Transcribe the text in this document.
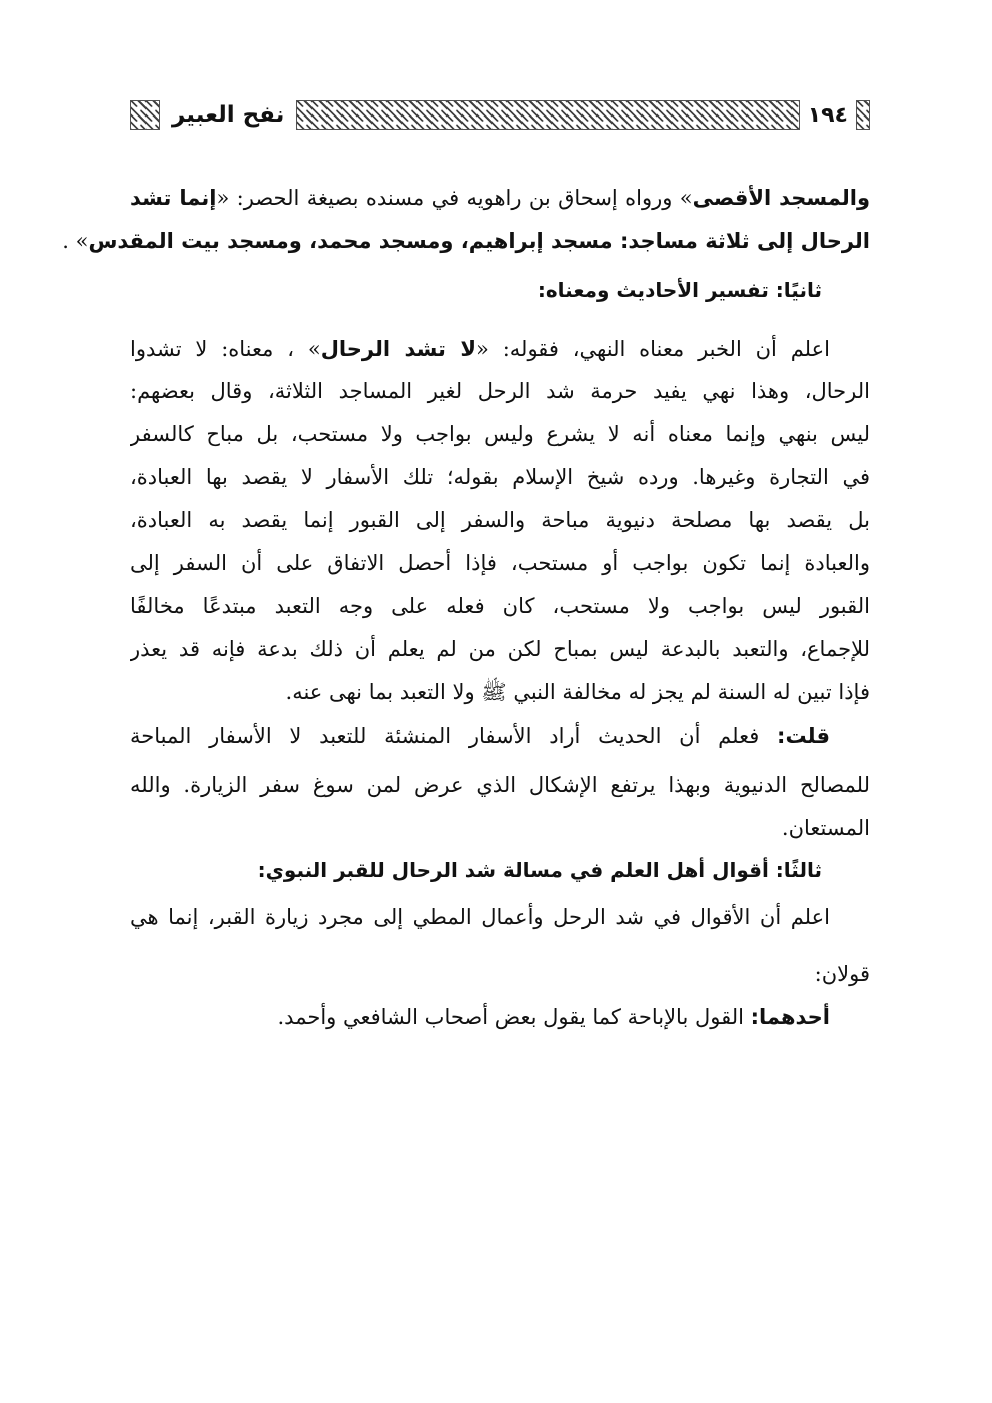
١٩٤
نفح العبير
والمسجد الأقصى» ورواه إسحاق بن راهويه في مسنده بصيغة الحصر: «إنما تشد
الرحال إلى ثلاثة مساجد: مسجد إبراهيم، ومسجد محمد، ومسجد بيت المقدس» .
ثانيًا: تفسير الأحاديث ومعناه:
اعلم أن الخبر معناه النهي، فقوله: «لا تشد الرحال» ، معناه: لا تشدوا
الرحال، وهذا نهي يفيد حرمة شد الرحل لغير المساجد الثلاثة، وقال بعضهم:
ليس بنهي وإنما معناه أنه لا يشرع وليس بواجب ولا مستحب، بل مباح كالسفر
في التجارة وغيرها. ورده شيخ الإسلام بقوله؛ تلك الأسفار لا يقصد بها العبادة،
بل يقصد بها مصلحة دنيوية مباحة والسفر إلى القبور إنما يقصد به العبادة،
والعبادة إنما تكون بواجب أو مستحب، فإذا أحصل الاتفاق على أن السفر إلى
القبور ليس بواجب ولا مستحب، كان فعله على وجه التعبد مبتدعًا مخالفًا
للإجماع، والتعبد بالبدعة ليس بمباح لكن من لم يعلم أن ذلك بدعة فإنه قد يعذر
فإذا تبين له السنة لم يجز له مخالفة النبي ﷺ ولا التعبد بما نهى عنه.
قلت: فعلم أن الحديث أراد الأسفار المنشئة للتعبد لا الأسفار المباحة
للمصالح الدنيوية وبهذا يرتفع الإشكال الذي عرض لمن سوغ سفر الزيارة. والله
المستعان.
ثالثًا: أقوال أهل العلم في مسالة شد الرحال للقبر النبوي:
اعلم أن الأقوال في شد الرحل وأعمال المطي إلى مجرد زيارة القبر، إنما هي
قولان:
أحدهما: القول بالإباحة كما يقول بعض أصحاب الشافعي وأحمد.
